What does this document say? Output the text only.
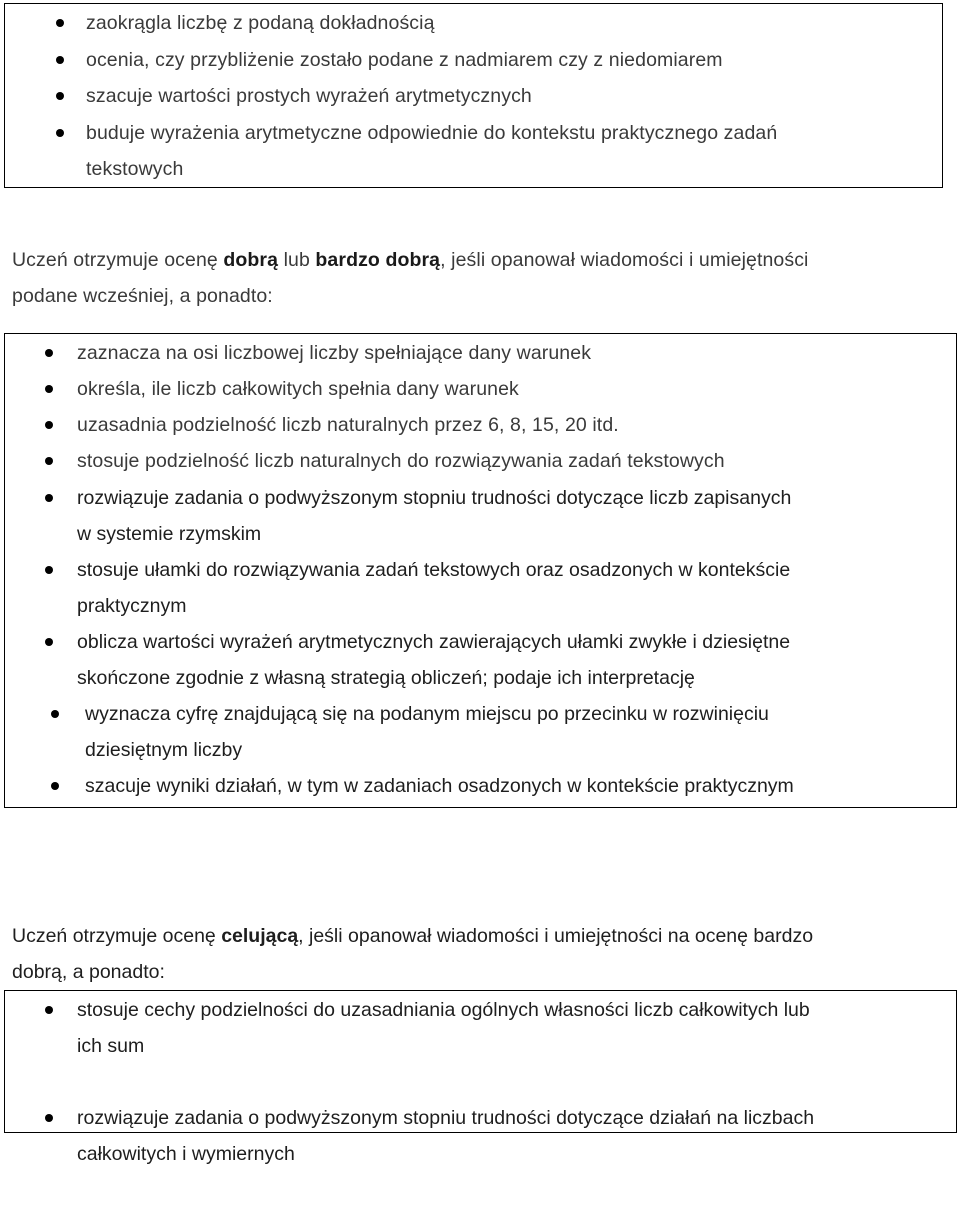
zaokrągla liczbę z podaną dokładnością
ocenia, czy przybliżenie zostało podane z nadmiarem czy z niedomiarem
szacuje wartości prostych wyrażeń arytmetycznych
buduje wyrażenia arytmetyczne odpowiednie do kontekstu praktycznego zadań
tekstowych
Uczeń otrzymuje ocenę dobrą lub bardzo dobrą, jeśli opanował wiadomości i umiejętności
podane wcześniej, a ponadto:
zaznacza na osi liczbowej liczby spełniające dany warunek
określa, ile liczb całkowitych spełnia dany warunek
uzasadnia podzielność liczb naturalnych przez 6, 8, 15, 20 itd.
stosuje podzielność liczb naturalnych do rozwiązywania zadań tekstowych
rozwiązuje zadania o podwyższonym stopniu trudności dotyczące liczb zapisanych
w systemie rzymskim
stosuje ułamki do rozwiązywania zadań tekstowych oraz osadzonych w kontekście
praktycznym
oblicza wartości wyrażeń arytmetycznych zawierających ułamki zwykłe i dziesiętne
skończone zgodnie z własną strategią obliczeń; podaje ich interpretację
wyznacza cyfrę znajdującą się na podanym miejscu po przecinku w rozwinięciu
dziesiętnym liczby
szacuje wyniki działań, w tym w zadaniach osadzonych w kontekście praktycznym
Uczeń otrzymuje ocenę celującą, jeśli opanował wiadomości i umiejętności na ocenę bardzo
dobrą, a ponadto:
stosuje cechy podzielności do uzasadniania ogólnych własności liczb całkowitych lub
ich sum
rozwiązuje zadania o podwyższonym stopniu trudności dotyczące działań na liczbach
całkowitych i wymiernych
